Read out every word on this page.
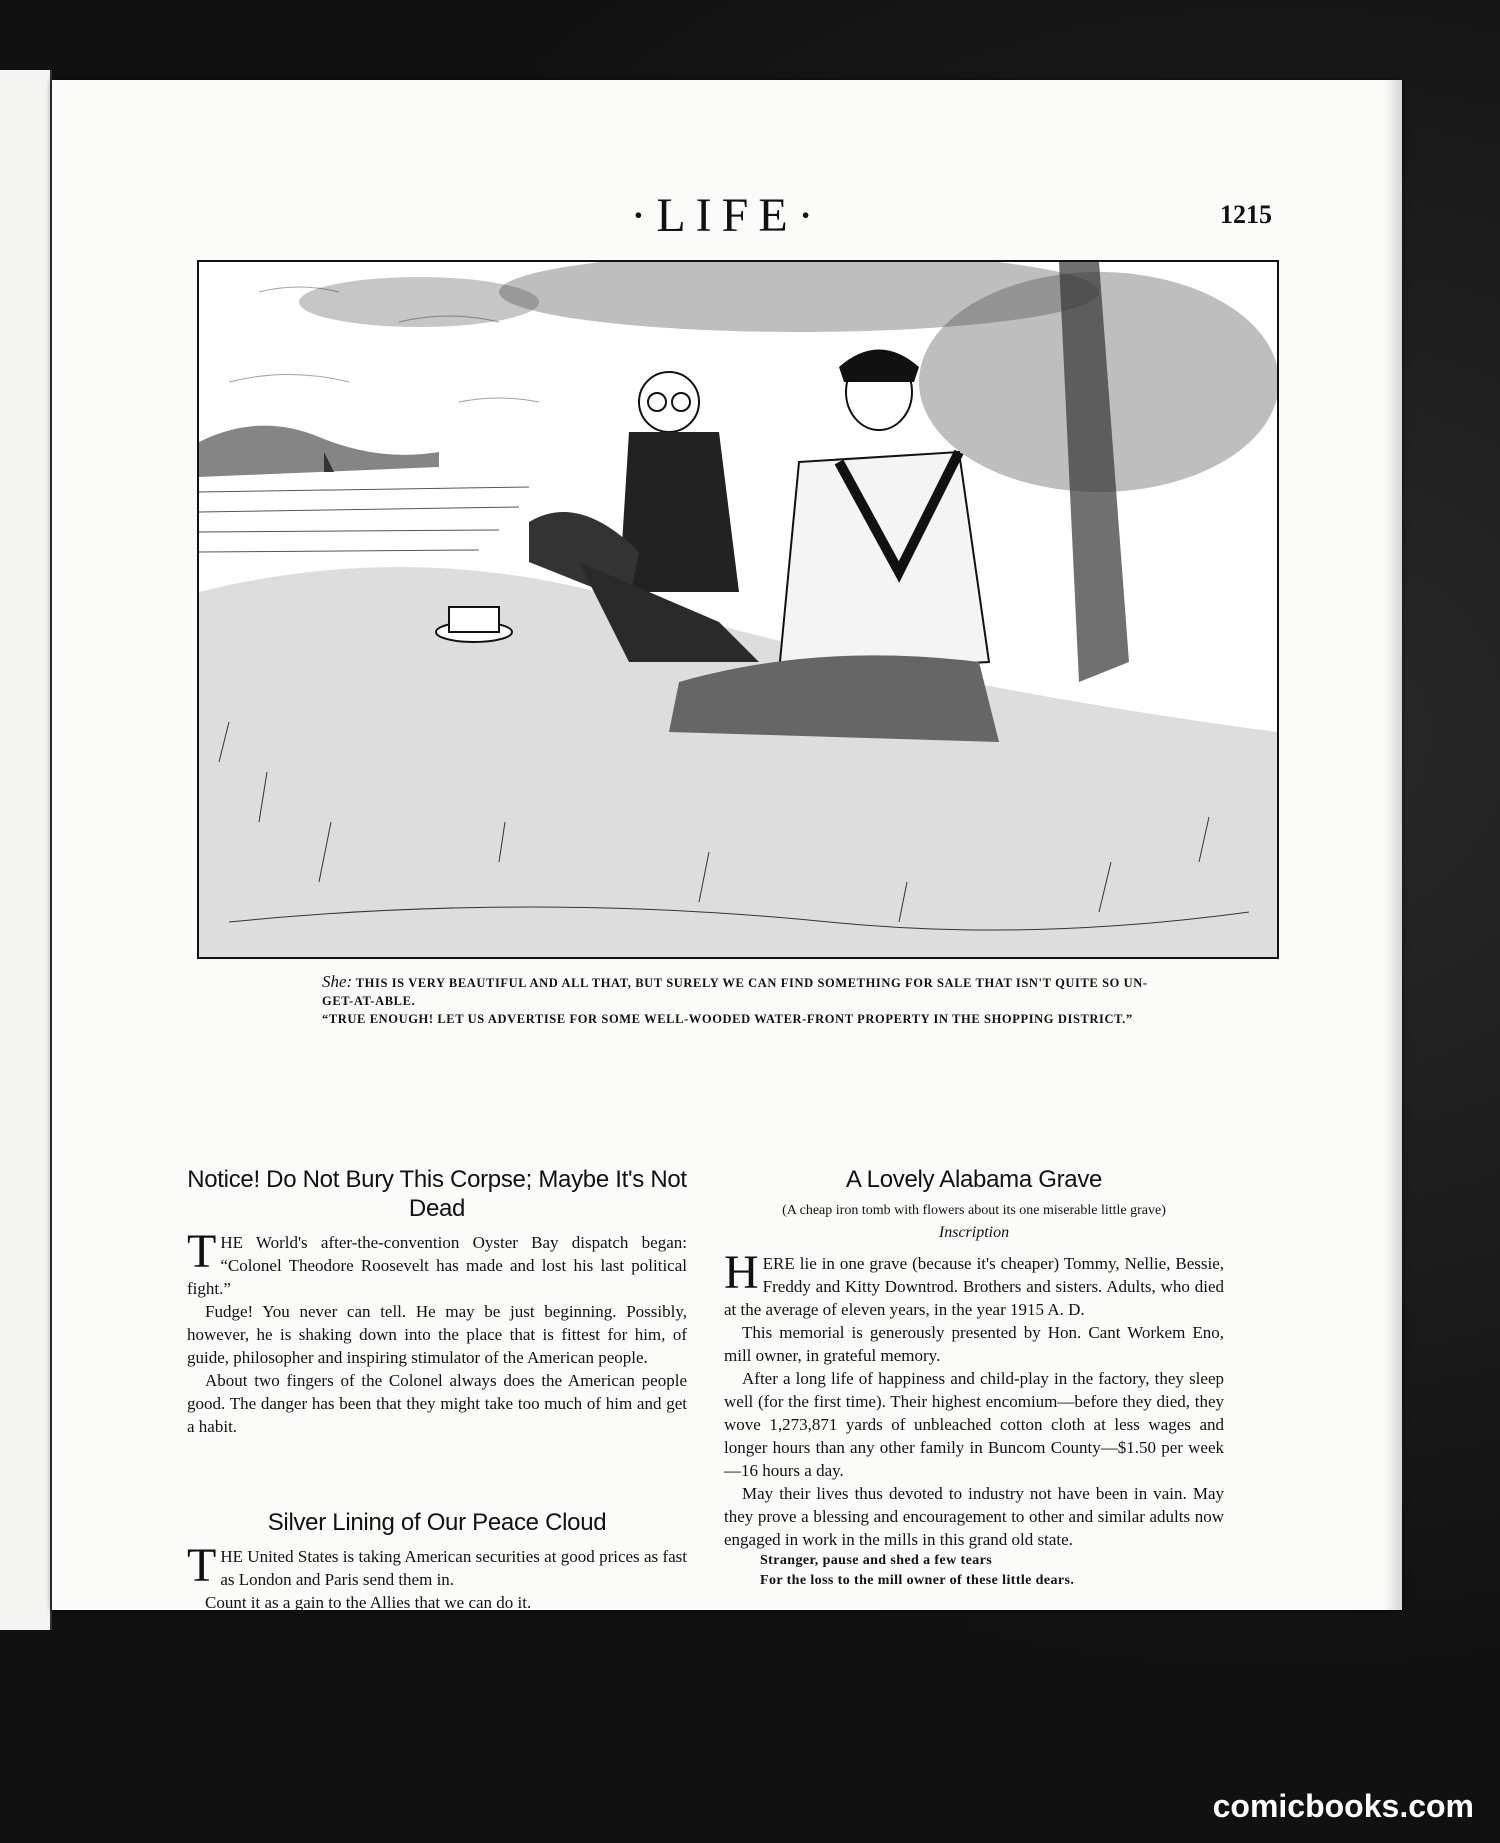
·LIFE·	1215
She: THIS IS VERY BEAUTIFUL AND ALL THAT, BUT SURELY WE CAN FIND SOMETHING FOR SALE THAT ISN'T QUITE SO UN-GET-AT-ABLE.
“TRUE ENOUGH! LET US ADVERTISE FOR SOME WELL-WOODED WATER-FRONT PROPERTY IN THE SHOPPING DISTRICT.”
Notice! Do Not Bury This Corpse; Maybe It's Not Dead

THE World's after-the-convention Oyster Bay dispatch began: “Colonel Theodore Roosevelt has made and lost his last political fight.”

Fudge! You never can tell. He may be just beginning. Possibly, however, he is shaking down into the place that is fittest for him, of guide, philosopher and inspiring stimulator of the American people.

About two fingers of the Colonel always does the American people good. The danger has been that they might take too much of him and get a habit.

Silver Lining of Our Peace Cloud

THE United States is taking American securities at good prices as fast as London and Paris send them in.

Count it as a gain to the Allies that we can do it.

If we were raising war-loans in this country we could not be so accommodating.

A Lovely Alabama Grave
(A cheap iron tomb with flowers about its one miserable little grave)
Inscription

HERE lie in one grave (because it's cheaper) Tommy, Nellie, Bessie, Freddy and Kitty Downtrod. Brothers and sisters. Adults, who died at the average of eleven years, in the year 1915 A. D.

This memorial is generously presented by Hon. Cant Workem Eno, mill owner, in grateful memory.

After a long life of happiness and child-play in the factory, they sleep well (for the first time). Their highest encomium—before they died, they wove 1,273,871 yards of unbleached cotton cloth at less wages and longer hours than any other family in Buncom County—$1.50 per week—16 hours a day.

May their lives thus devoted to industry not have been in vain. May they prove a blessing and encouragement to other and similar adults now engaged in work in the mills in this grand old state.

Stranger, pause and shed a few tears
For the loss to the mill owner of these little dears.
comicbooks.com
